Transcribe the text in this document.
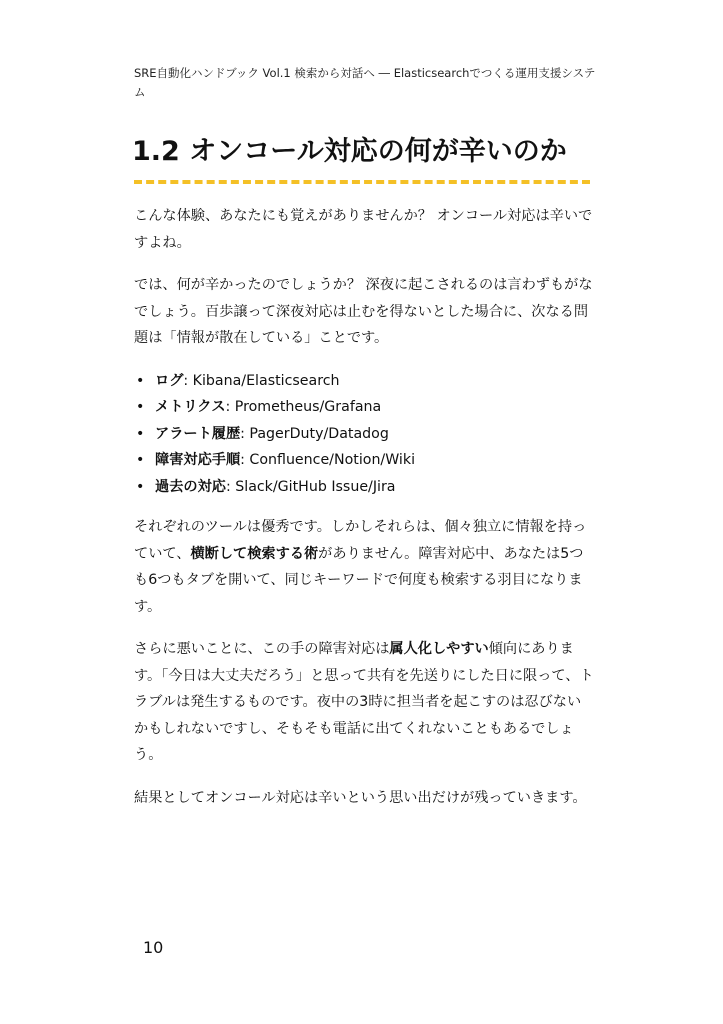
SRE自動化ハンドブック Vol.1 検索から対話へ ― Elasticsearchでつくる運用支援システム
1.2 オンコール対応の何が辛いのか

こんな体験、あなたにも覚えがありませんか？ オンコール対応は辛いですよね。

では、何が辛かったのでしょうか？ 深夜に起こされるのは言わずもがなでしょう。百歩譲って深夜対応は止むを得ないとした場合に、次なる問題は「情報が散在している」ことです。

• ログ: Kibana/Elasticsearch
• メトリクス: Prometheus/Grafana
• アラート履歴: PagerDuty/Datadog
• 障害対応手順: Confluence/Notion/Wiki
• 過去の対応: Slack/GitHub Issue/Jira

それぞれのツールは優秀です。しかしそれらは、個々独立に情報を持っていて、横断して検索する術がありません。障害対応中、あなたは5つも6つもタブを開いて、同じキーワードで何度も検索する羽目になります。

さらに悪いことに、この手の障害対応は属人化しやすい傾向にあります。「今日は大丈夫だろう」と思って共有を先送りにした日に限って、トラブルは発生するものです。夜中の3時に担当者を起こすのは忍びないかもしれないですし、そもそも電話に出てくれないこともあるでしょう。

結果としてオンコール対応は辛いという思い出だけが残っていきます。

10
